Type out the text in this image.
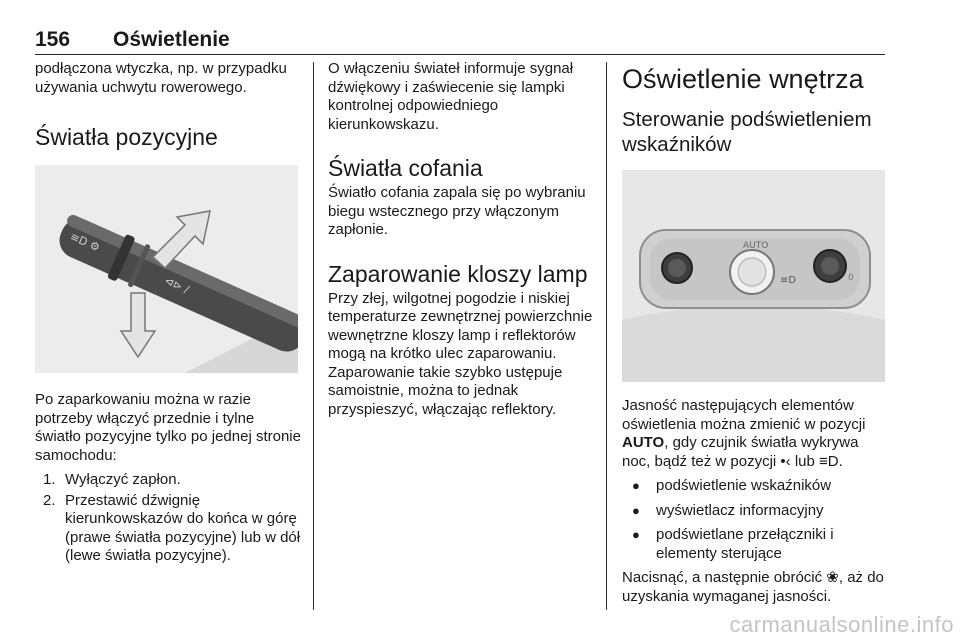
156 Oświetlenie

podłączona wtyczka, np. w przypadku używania uchwytu rowerowego.

Światła pozycyjne
≡D ⚙
⊲⊳ /

Po zaparkowaniu można w razie potrzeby włączyć przednie i tylne światło pozycyjne tylko po jednej stronie samochodu:

1. Wyłączyć zapłon.
2. Przestawić dźwignię kierunkowskazów do końca w górę (prawe światła pozycyjne) lub w dół (lewe światła pozycyjne).

O włączeniu świateł informuje sygnał dźwiękowy i zaświecenie się lampki kontrolnej odpowiedniego kierunkowskazu.

Światła cofania

Światło cofania zapala się po wybraniu biegu wstecznego przy włączonym zapłonie.

Zaparowanie kloszy lamp

Przy złej, wilgotnej pogodzie i niskiej temperaturze zewnętrznej powierzchnie wewnętrzne kloszy lamp i reflektorów mogą na krótko ulec zaparowaniu. Zaparowanie takie szybko ustępuje samoistnie, można to jednak przyspieszyć, włączając reflektory.

Oświetlenie wnętrza
Sterowanie podświetleniem wskaźników
AUTO
≡D	0

Jasność następujących elementów oświetlenia można zmienić w pozycji AUTO, gdy czujnik światła wykrywa noc, bądź też w pozycji •‹ lub ≡D.

● podświetlenie wskaźników
● wyświetlacz informacyjny
● podświetlane przełączniki i elementy sterujące

Nacisnąć, a następnie obrócić ❀, aż do uzyskania wymaganej jasności.

carmanualsonline.info
